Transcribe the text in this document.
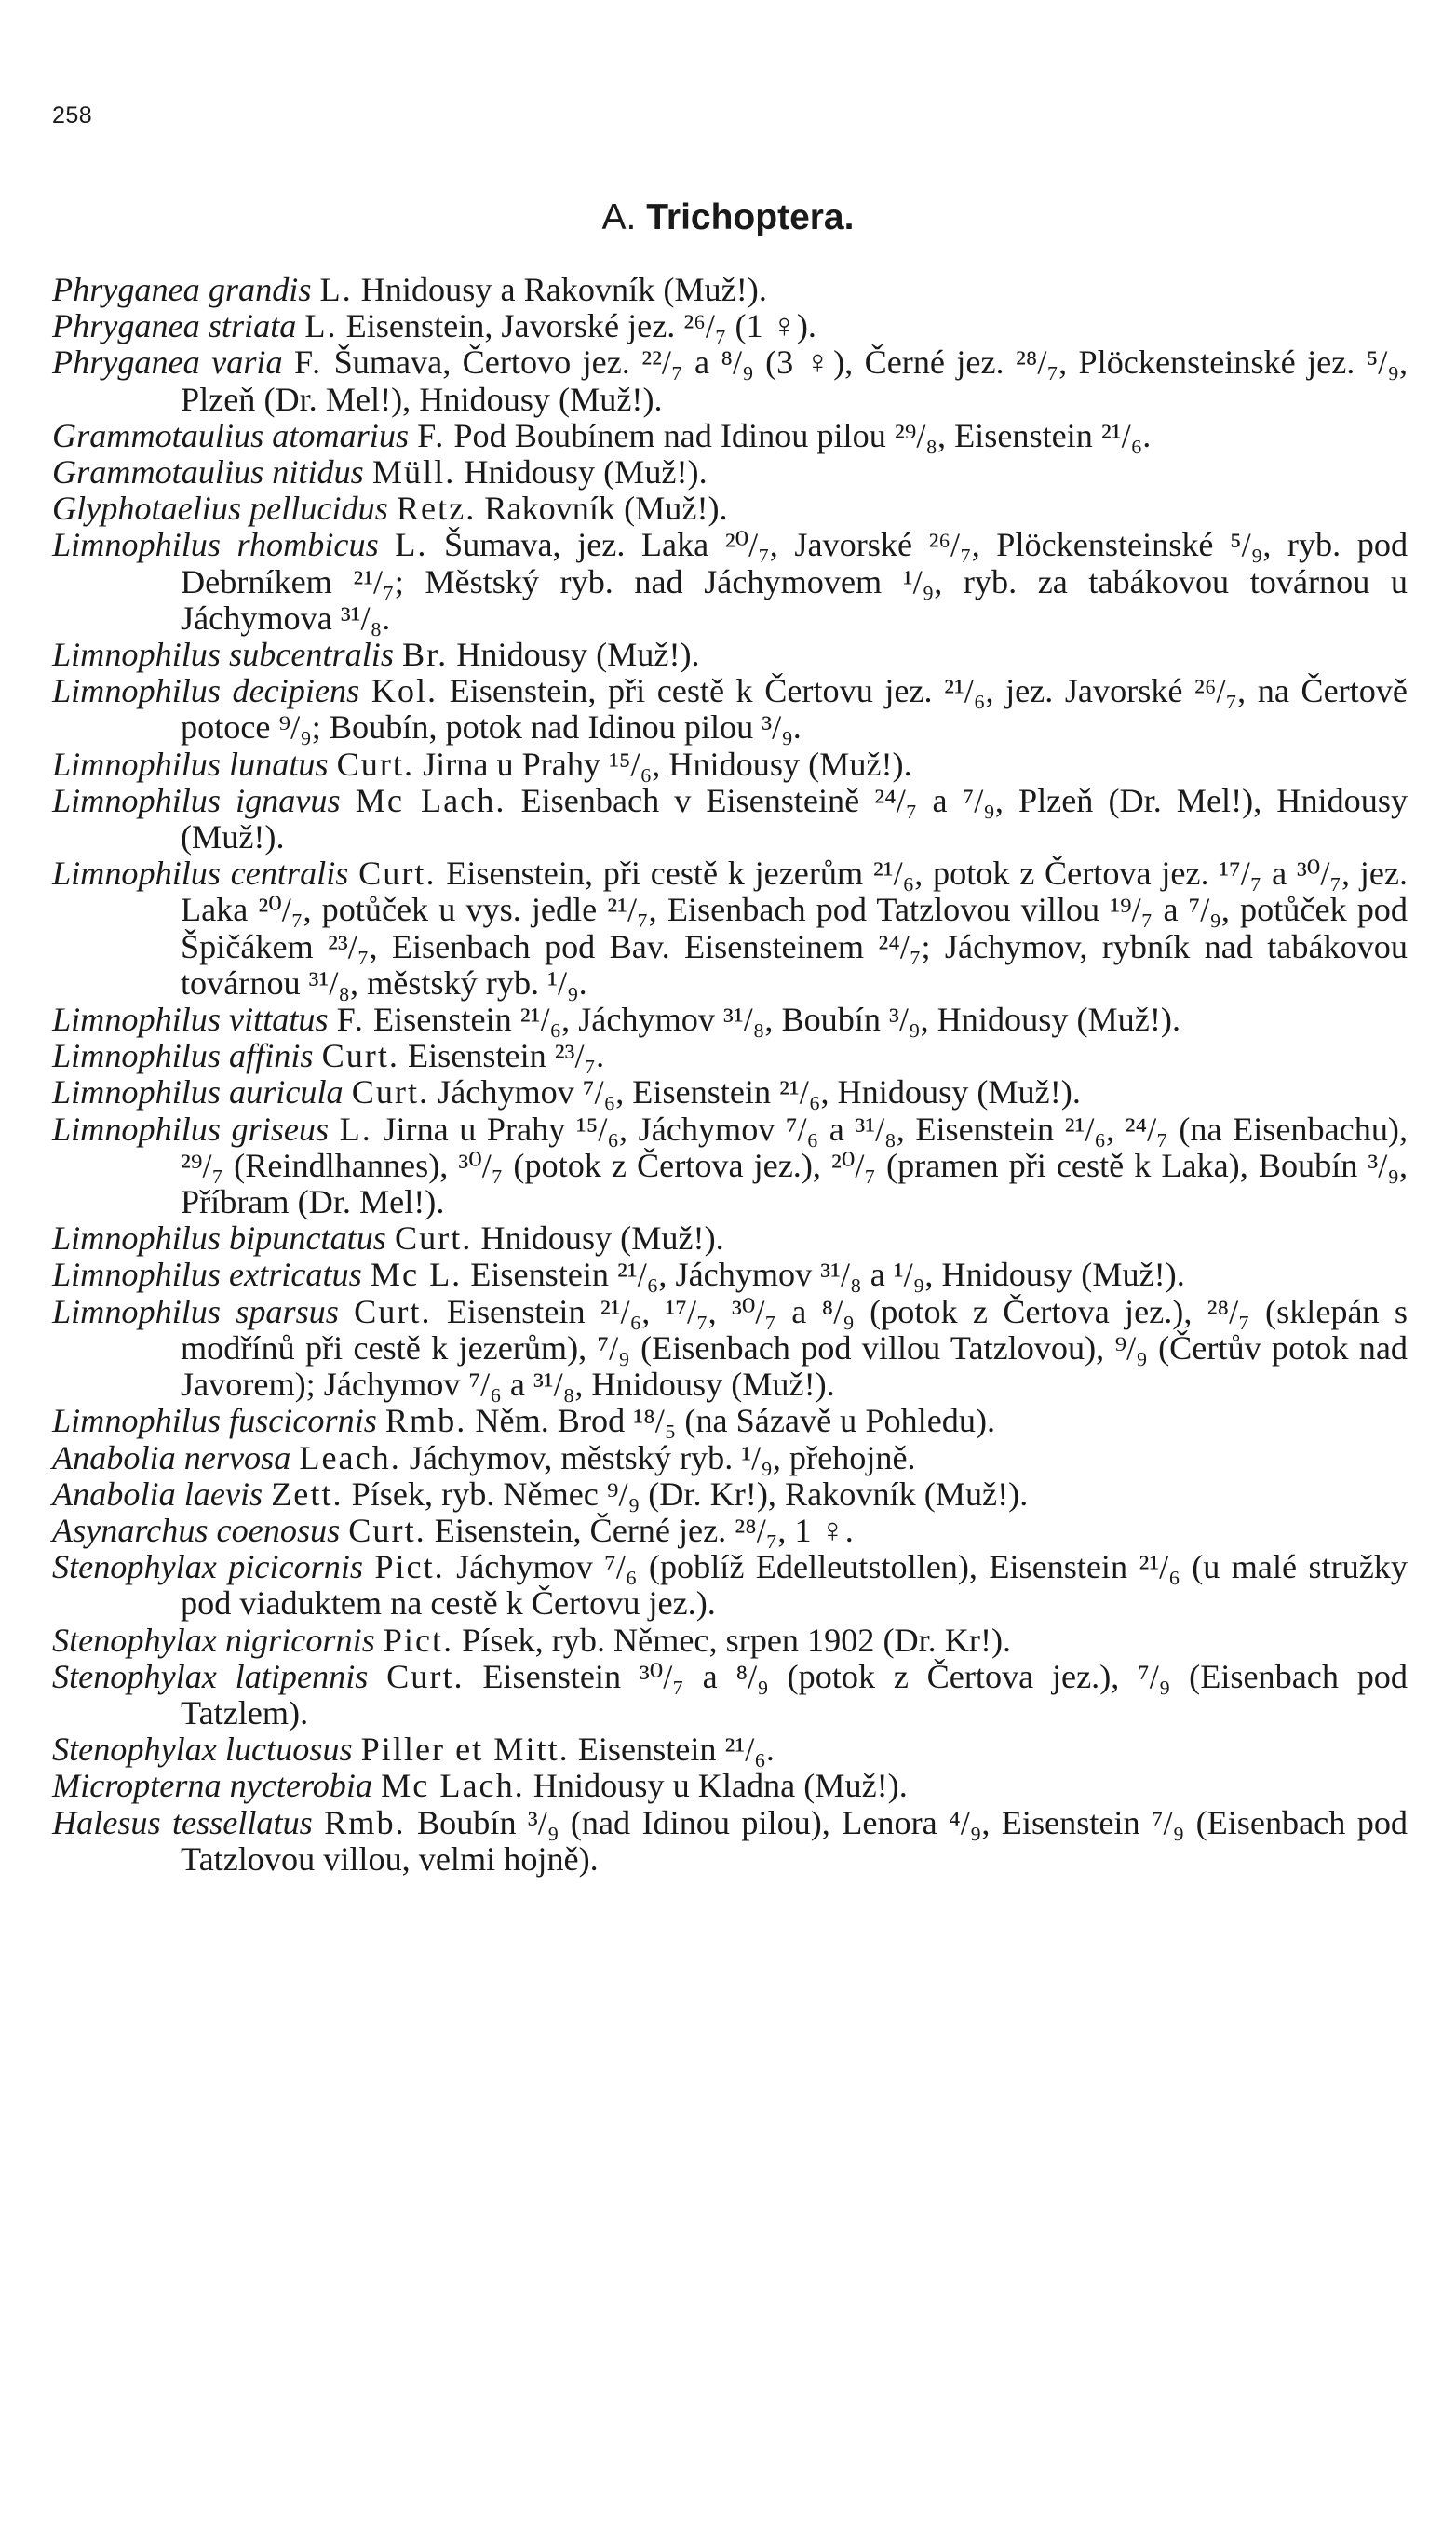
258
A. Trichoptera.

Phryganea grandis L. Hnidousy a Rakovník (Muž!).

Phryganea striata L. Eisenstein, Javorské jez. ²⁶/₇ (1 ♀).

Phryganea varia F. Šumava, Čertovo jez. ²²/₇ a ⁸/₉ (3 ♀), Černé jez. ²⁸/₇, Plöckensteinské jez. ⁵/₉, Plzeň (Dr. Mel!), Hnidousy (Muž!).

Grammotaulius atomarius F. Pod Boubínem nad Idinou pilou ²⁹/₈, Eisenstein ²¹/₆.

Grammotaulius nitidus Müll. Hnidousy (Muž!).

Glyphotaelius pellucidus Retz. Rakovník (Muž!).

Limnophilus rhombicus L. Šumava, jez. Laka ²⁰/₇, Javorské ²⁶/₇, Plöckensteinské ⁵/₉, ryb. pod Debrníkem ²¹/₇; Městský ryb. nad Jáchymovem ¹/₉, ryb. za tabákovou továrnou u Jáchymova ³¹/₈.

Limnophilus subcentralis Br. Hnidousy (Muž!).

Limnophilus decipiens Kol. Eisenstein, při cestě k Čertovu jez. ²¹/₆, jez. Javorské ²⁶/₇, na Čertově potoce ⁹/₉; Boubín, potok nad Idinou pilou ³/₉.

Limnophilus lunatus Curt. Jirna u Prahy ¹⁵/₆, Hnidousy (Muž!).

Limnophilus ignavus Mc Lach. Eisenbach v Eisensteině ²⁴/₇ a ⁷/₉, Plzeň (Dr. Mel!), Hnidousy (Muž!).

Limnophilus centralis Curt. Eisenstein, při cestě k jezerům ²¹/₆, potok z Čertova jez. ¹⁷/₇ a ³⁰/₇, jez. Laka ²⁰/₇, potůček u vys. jedle ²¹/₇, Eisenbach pod Tatzlovou villou ¹⁹/₇ a ⁷/₉, potůček pod Špičákem ²³/₇, Eisenbach pod Bav. Eisensteinem ²⁴/₇; Jáchymov, rybník nad tabákovou továrnou ³¹/₈, městský ryb. ¹/₉.

Limnophilus vittatus F. Eisenstein ²¹/₆, Jáchymov ³¹/₈, Boubín ³/₉, Hnidousy (Muž!).

Limnophilus affinis Curt. Eisenstein ²³/₇.

Limnophilus auricula Curt. Jáchymov ⁷/₆, Eisenstein ²¹/₆, Hnidousy (Muž!).

Limnophilus griseus L. Jirna u Prahy ¹⁵/₆, Jáchymov ⁷/₆ a ³¹/₈, Eisenstein ²¹/₆, ²⁴/₇ (na Eisenbachu), ²⁹/₇ (Reindlhannes), ³⁰/₇ (potok z Čertova jez.), ²⁰/₇ (pramen při cestě k Laka), Boubín ³/₉, Příbram (Dr. Mel!).

Limnophilus bipunctatus Curt. Hnidousy (Muž!).

Limnophilus extricatus Mc L. Eisenstein ²¹/₆, Jáchymov ³¹/₈ a ¹/₉, Hnidousy (Muž!).

Limnophilus sparsus Curt. Eisenstein ²¹/₆, ¹⁷/₇, ³⁰/₇ a ⁸/₉ (potok z Čertova jez.), ²⁸/₇ (sklepán s modřínů při cestě k jezerům), ⁷/₉ (Eisenbach pod villou Tatzlovou), ⁹/₉ (Čertův potok nad Javorem); Jáchymov ⁷/₆ a ³¹/₈, Hnidousy (Muž!).

Limnophilus fuscicornis Rmb. Něm. Brod ¹⁸/₅ (na Sázavě u Pohledu).

Anabolia nervosa Leach. Jáchymov, městský ryb. ¹/₉, přehojně.

Anabolia laevis Zett. Písek, ryb. Němec ⁹/₉ (Dr. Kr!), Rakovník (Muž!).

Asynarchus coenosus Curt. Eisenstein, Černé jez. ²⁸/₇, 1 ♀.

Stenophylax picicornis Pict. Jáchymov ⁷/₆ (poblíž Edelleutstollen), Eisenstein ²¹/₆ (u malé stružky pod viaduktem na cestě k Čertovu jez.).

Stenophylax nigricornis Pict. Písek, ryb. Němec, srpen 1902 (Dr. Kr!).

Stenophylax latipennis Curt. Eisenstein ³⁰/₇ a ⁸/₉ (potok z Čertova jez.), ⁷/₉ (Eisenbach pod Tatzlem).

Stenophylax luctuosus Piller et Mitt. Eisenstein ²¹/₆.

Micropterna nycterobia Mc Lach. Hnidousy u Kladna (Muž!).

Halesus tessellatus Rmb. Boubín ³/₉ (nad Idinou pilou), Lenora ⁴/₉, Eisenstein ⁷/₉ (Eisenbach pod Tatzlovou villou, velmi hojně).
